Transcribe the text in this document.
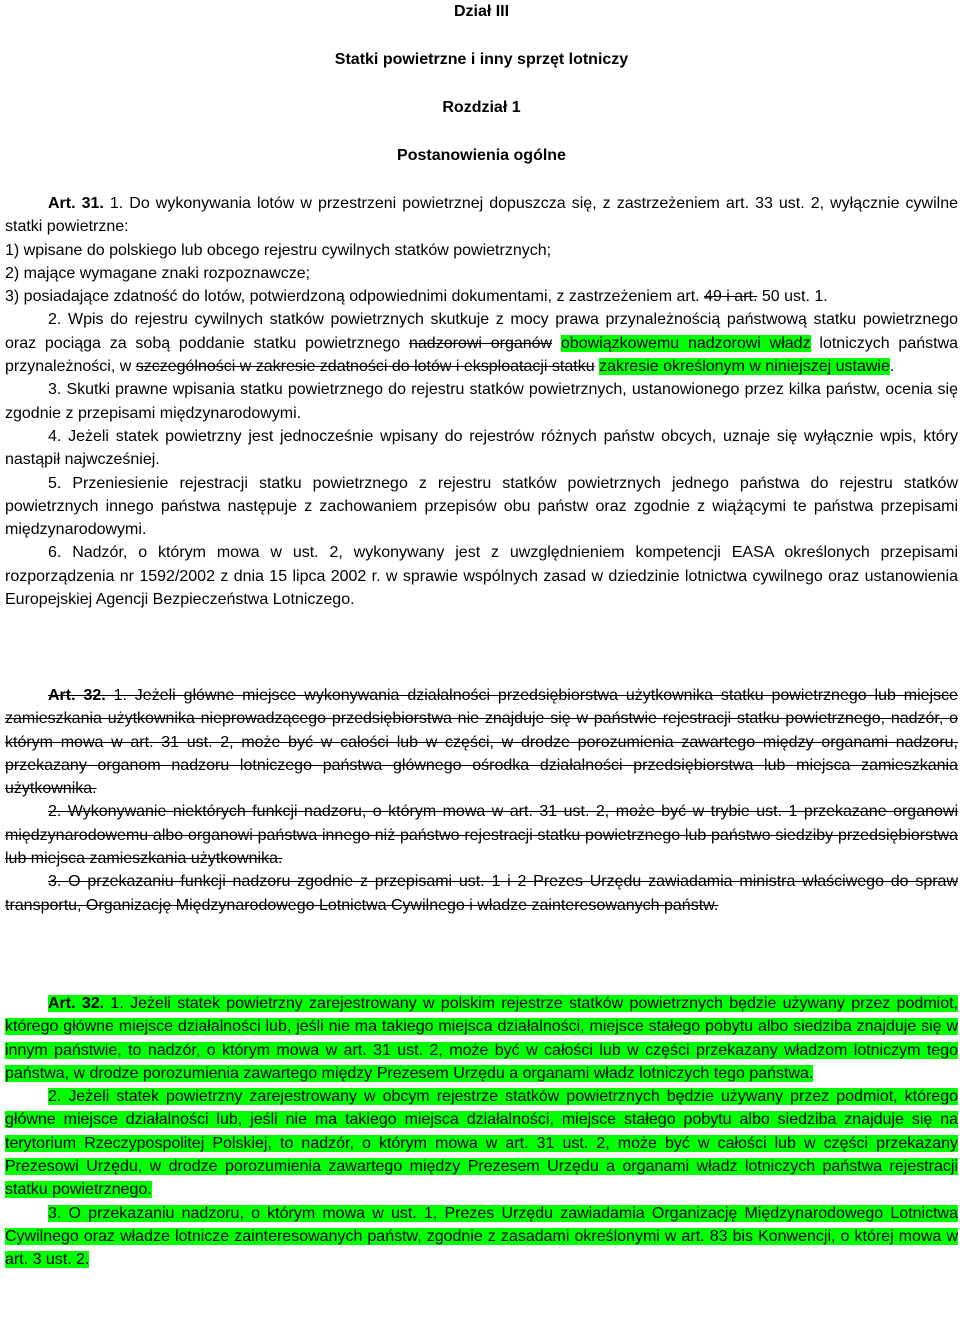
Dział III

Statki powietrzne i inny sprzęt lotniczy

Rozdział 1

Postanowienia ogólne

Art. 31. 1. Do wykonywania lotów w przestrzeni powietrznej dopuszcza się, z zastrzeżeniem art. 33 ust. 2, wyłącznie cywilne statki powietrzne:

1) wpisane do polskiego lub obcego rejestru cywilnych statków powietrznych;

2) mające wymagane znaki rozpoznawcze;

3) posiadające zdatność do lotów, potwierdzoną odpowiednimi dokumentami, z zastrzeżeniem art. 49 i art. 50 ust. 1.

2. Wpis do rejestru cywilnych statków powietrznych skutkuje z mocy prawa przynależnością państwową statku powietrznego oraz pociąga za sobą poddanie statku powietrznego nadzorowi organów obowiązkowemu nadzorowi władz lotniczych państwa przynależności, w szczególności w zakresie zdatności do lotów i eksploatacji statku zakresie określonym w niniejszej ustawie.

3. Skutki prawne wpisania statku powietrznego do rejestru statków powietrznych, ustanowionego przez kilka państw, ocenia się zgodnie z przepisami międzynarodowymi.

4. Jeżeli statek powietrzny jest jednocześnie wpisany do rejestrów różnych państw obcych, uznaje się wyłącznie wpis, który nastąpił najwcześniej.

5. Przeniesienie rejestracji statku powietrznego z rejestru statków powietrznych jednego państwa do rejestru statków powietrznych innego państwa następuje z zachowaniem przepisów obu państw oraz zgodnie z wiążącymi te państwa przepisami międzynarodowymi.

6. Nadzór, o którym mowa w ust. 2, wykonywany jest z uwzględnieniem kompetencji EASA określonych przepisami rozporządzenia nr 1592/2002 z dnia 15 lipca 2002 r. w sprawie wspólnych zasad w dziedzinie lotnictwa cywilnego oraz ustanowienia Europejskiej Agencji Bezpieczeństwa Lotniczego.

Art. 32. 1. Jeżeli główne miejsce wykonywania działalności przedsiębiorstwa użytkownika statku powietrznego lub miejsce zamieszkania użytkownika nieprowadzącego przedsiębiorstwa nie znajduje się w państwie rejestracji statku powietrznego, nadzór, o którym mowa w art. 31 ust. 2, może być w całości lub w części, w drodze porozumienia zawartego między organami nadzoru, przekazany organom nadzoru lotniczego państwa głównego ośrodka działalności przedsiębiorstwa lub miejsca zamieszkania użytkownika.

2. Wykonywanie niektórych funkcji nadzoru, o którym mowa w art. 31 ust. 2, może być w trybie ust. 1 przekazane organowi międzynarodowemu albo organowi państwa innego niż państwo rejestracji statku powietrznego lub państwo siedziby przedsiębiorstwa lub miejsca zamieszkania użytkownika.

3. O przekazaniu funkcji nadzoru zgodnie z przepisami ust. 1 i 2 Prezes Urzędu zawiadamia ministra właściwego do spraw transportu, Organizację Międzynarodowego Lotnictwa Cywilnego i władze zainteresowanych państw.

Art. 32. 1. Jeżeli statek powietrzny zarejestrowany w polskim rejestrze statków powietrznych będzie używany przez podmiot, którego główne miejsce działalności lub, jeśli nie ma takiego miejsca działalności, miejsce stałego pobytu albo siedziba znajduje się w innym państwie, to nadzór, o którym mowa w art. 31 ust. 2, może być w całości lub w części przekazany władzom lotniczym tego państwa, w drodze porozumienia zawartego między Prezesem Urzędu a organami władz lotniczych tego państwa.

2. Jeżeli statek powietrzny zarejestrowany w obcym rejestrze statków powietrznych będzie używany przez podmiot, którego główne miejsce działalności lub, jeśli nie ma takiego miejsca działalności, miejsce stałego pobytu albo siedziba znajduje się na terytorium Rzeczypospolitej Polskiej, to nadzór, o którym mowa w art. 31 ust. 2, może być w całości lub w części przekazany Prezesowi Urzędu, w drodze porozumienia zawartego między Prezesem Urzędu a organami władz lotniczych państwa rejestracji statku powietrznego.

3. O przekazaniu nadzoru, o którym mowa w ust. 1, Prezes Urzędu zawiadamia Organizację Międzynarodowego Lotnictwa Cywilnego oraz władze lotnicze zainteresowanych państw, zgodnie z zasadami określonymi w art. 83 bis Konwencji, o której mowa w art. 3 ust. 2.
